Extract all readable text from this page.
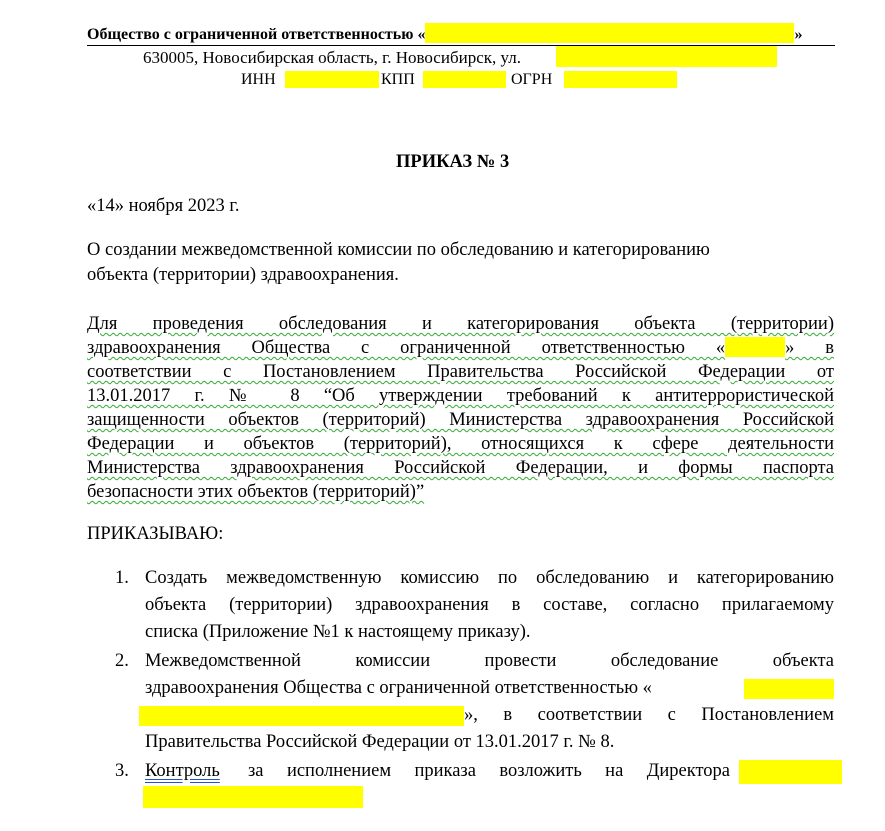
Общество с ограниченной ответственностью «	»
630005, Новосибирская область, г. Новосибирск, ул.
ИНН	КПП	ОГРН
ПРИКАЗ № 3
«14» ноября 2023 г.
О создании межведомственной комиссии по обследованию и категорированию
объекта (территории) здравоохранения.
Для проведения обследования и категорирования объекта (территории)
здравоохранения Общества с ограниченной ответственностью «	» в
соответствии с Постановлением Правительства Российской Федерации от
13.01.2017 г. № 8 “Об утверждении требований к антитеррористической
защищенности объектов (территорий) Министерства здравоохранения Российской
Федерации и объектов (территорий), относящихся к сфере деятельности
Министерства здравоохранения Российской Федерации, и формы паспорта
безопасности этих объектов (территорий)”
ПРИКАЗЫВАЮ:
1. Создать межведомственную комиссию по обследованию и категорированию
объекта (территории) здравоохранения в составе, согласно прилагаемому
списка (Приложение №1 к настоящему приказу).
2. Межведомственной комиссии провести обследование объекта
здравоохранения Общества с ограниченной ответственностью «
», в соответствии с Постановлением
Правительства Российской Федерации от 13.01.2017 г. № 8.
3. Контроль за исполнением приказа возложить на Директора
